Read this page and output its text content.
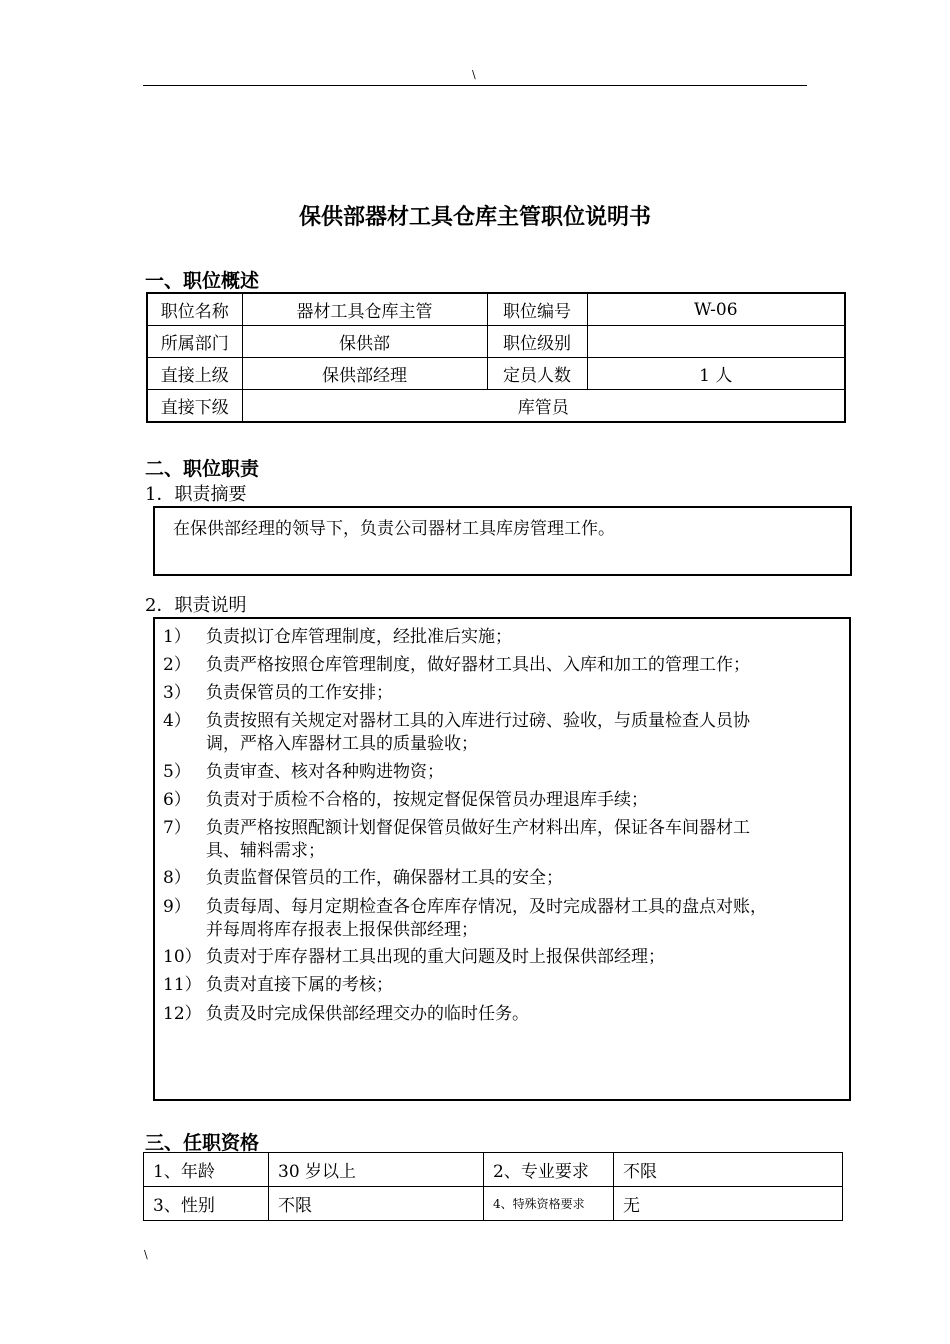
\
保供部器材工具仓库主管职位说明书
一、职位概述
职位名称	器材工具仓库主管	职位编号	W-06
所属部门	保供部	职位级别	
直接上级	保供部经理	定员人数	1 人
直接下级	库管员		
二、职位职责
1．职责摘要
在保供部经理的领导下，负责公司器材工具库房管理工作。
2．职责说明
1） 负责拟订仓库管理制度，经批准后实施；
2） 负责严格按照仓库管理制度，做好器材工具出、入库和加工的管理工作；
3） 负责保管员的工作安排；
4） 负责按照有关规定对器材工具的入库进行过磅、验收，与质量检查人员协
调，严格入库器材工具的质量验收；
5） 负责审查、核对各种购进物资；
6） 负责对于质检不合格的，按规定督促保管员办理退库手续；
7） 负责严格按照配额计划督促保管员做好生产材料出库，保证各车间器材工
具、辅料需求；
8） 负责监督保管员的工作，确保器材工具的安全；
9） 负责每周、每月定期检查各仓库库存情况，及时完成器材工具的盘点对账，
并每周将库存报表上报保供部经理；
10） 负责对于库存器材工具出现的重大问题及时上报保供部经理；
11） 负责对直接下属的考核；
12） 负责及时完成保供部经理交办的临时任务。
三、任职资格
1、年龄	30 岁以上	2、专业要求	不限
3、性别	不限	4、特殊资格要求	无
\
